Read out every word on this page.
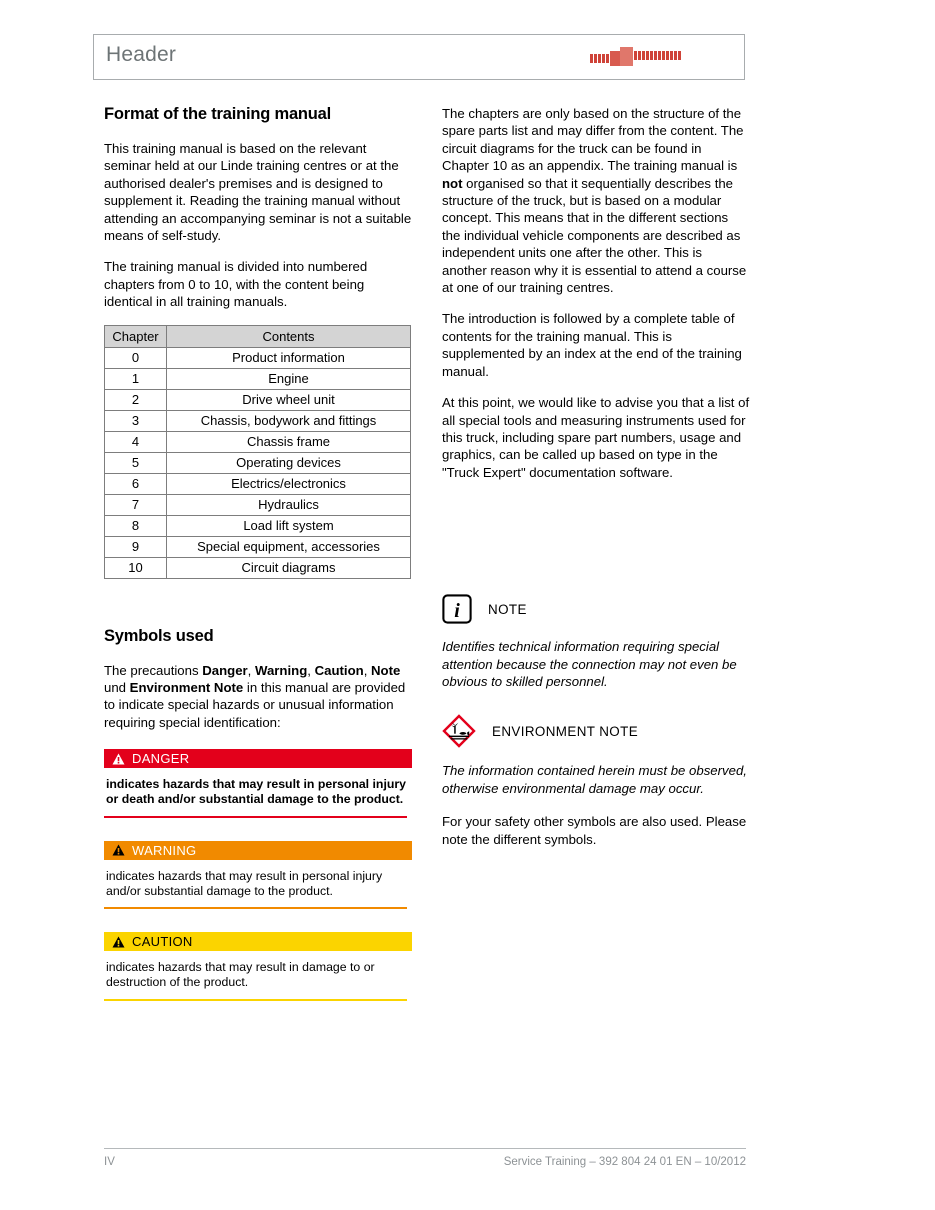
Header
Format of the training manual

This training manual is based on the relevant seminar held at our Linde training centres or at the authorised dealer's premises and is designed to supplement it. Reading the training manual without attending an accompanying seminar is not a suitable means of self-study.

The training manual is divided into numbered chapters from 0 to 10, with the content being identical in all training manuals.

Chapter	Contents
0	Product information
1	Engine
2	Drive wheel unit
3	Chassis, bodywork and fittings
4	Chassis frame
5	Operating devices
6	Electrics/electronics
7	Hydraulics
8	Load lift system
9	Special equipment, accessories
10	Circuit diagrams
Symbols used

The precautions Danger, Warning, Caution, Note und Environment Note in this manual are provided to indicate special hazards or unusual information requiring special identification:

DANGER
indicates hazards that may result in personal injury or death and/or substantial damage to the product.
WARNING
indicates hazards that may result in personal injury and/or substantial damage to the product.
CAUTION
indicates hazards that may result in damage to or destruction of the product.

The chapters are only based on the structure of the spare parts list and may differ from the content. The circuit diagrams for the truck can be found in Chapter 10 as an appendix. The training manual is not organised so that it sequentially describes the structure of the truck, but is based on a modular concept. This means that in the different sections the individual vehicle components are described as independent units one after the other. This is another reason why it is essential to attend a course at one of our training centres.

The introduction is followed by a complete table of contents for the training manual. This is supplemented by an index at the end of the training manual.

At this point, we would like to advise you that a list of all special tools and measuring instruments used for this truck, including spare part numbers, usage and graphics, can be called up based on type in the "Truck Expert" documentation software.

i NOTE

Identifies technical information requiring special attention because the connection may not even be obvious to skilled personnel.

ENVIRONMENT NOTE

The information contained herein must be observed, otherwise environmental damage may occur.

For your safety other symbols are also used. Please note the different symbols.

IV	Service Training – 392 804 24 01 EN – 10/2012
